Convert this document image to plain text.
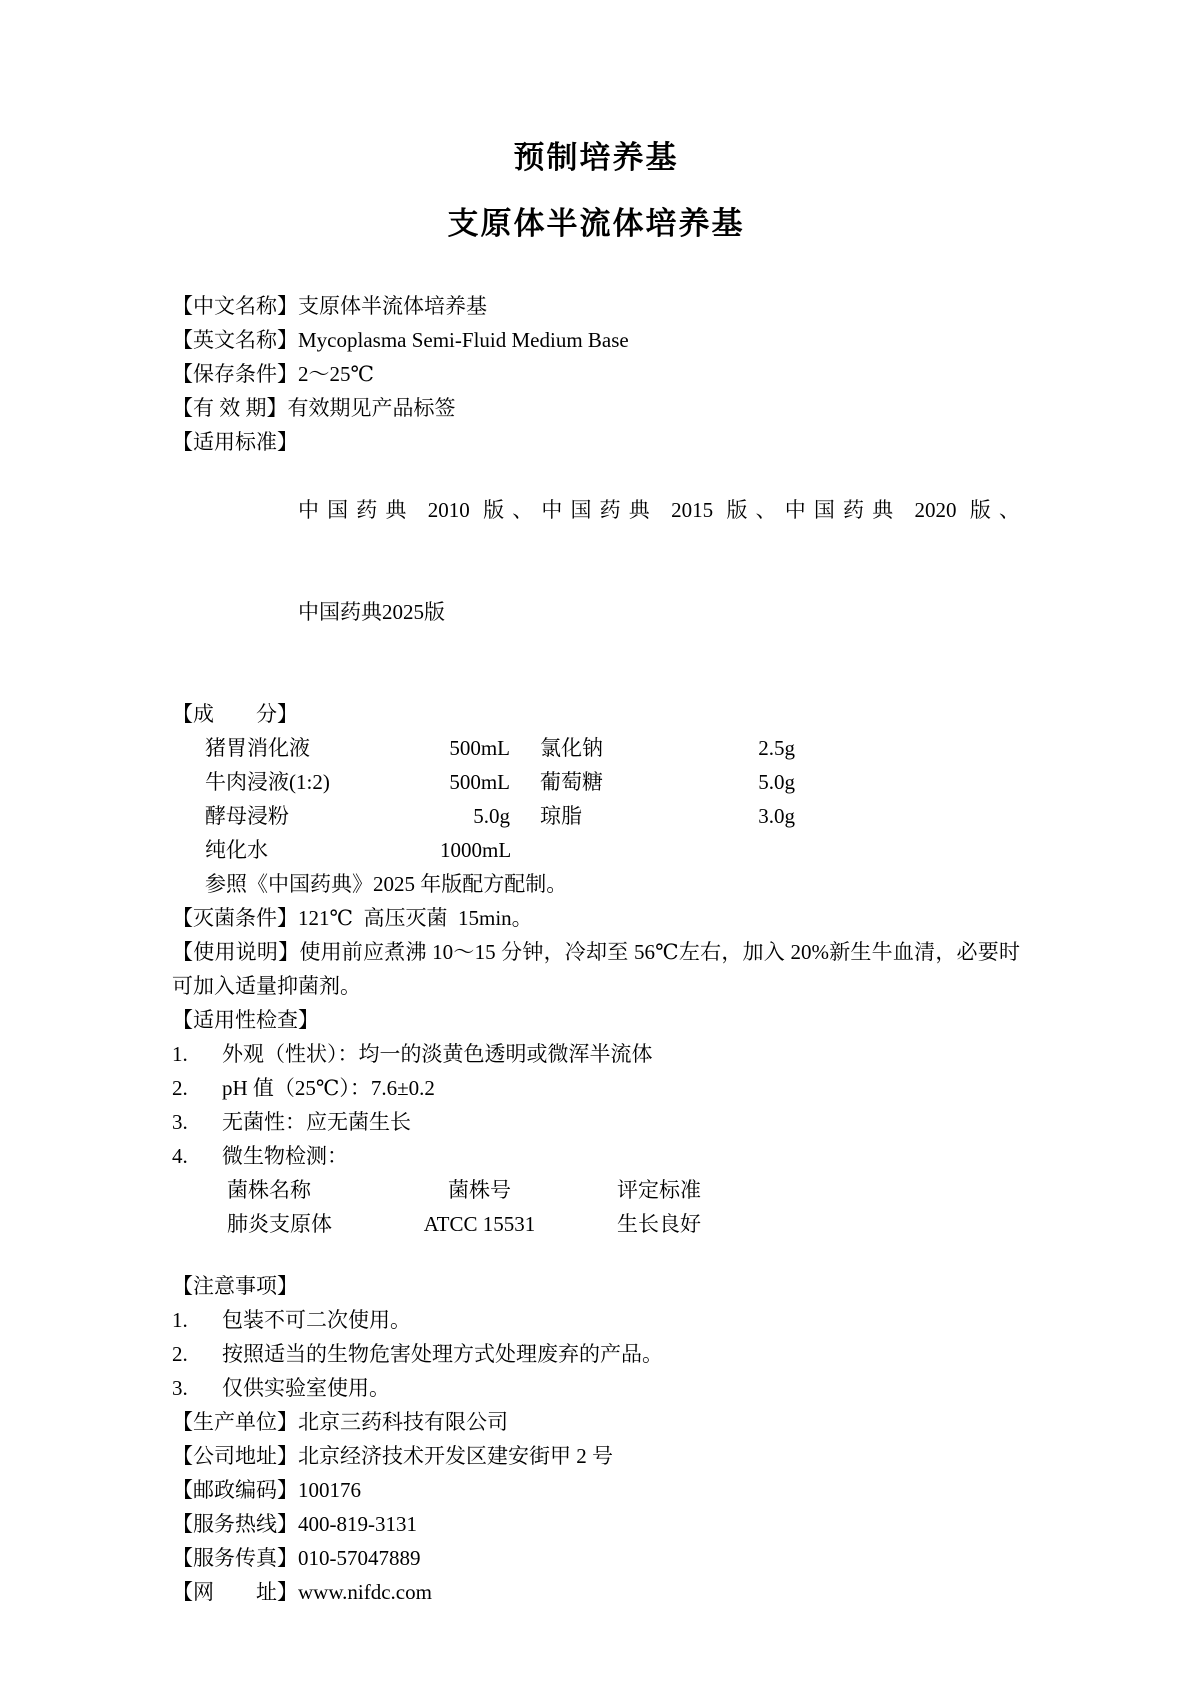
预制培养基
支原体半流体培养基
【中文名称】支原体半流体培养基
【英文名称】Mycoplasma Semi-Fluid Medium Base
【保存条件】2～25℃
【有 效 期】有效期见产品标签
【适用标准】

中国药典 2010 版、中国药典 2015 版、中国药典 2020 版、

中国药典2025版

【成　　分】
猪胃消化液	500mL	氯化钠	2.5g
牛肉浸液(1:2)	500mL	葡萄糖	5.0g
酵母浸粉	5.0g	琼脂	3.0g
纯化水	1000mL
参照《中国药典》2025 年版配方配制。
【灭菌条件】121℃  高压灭菌  15min。
【使用说明】使用前应煮沸 10～15 分钟，冷却至 56℃左右，加入 20%新生牛血清，必要时
可加入适量抑菌剂。
【适用性检查】
1.	外观（性状）：均一的淡黄色透明或微浑半流体
2.	pH 值（25℃）：7.6±0.2
3.	无菌性：应无菌生长
4.	微生物检测：
菌株名称	菌株号	评定标准
肺炎支原体	ATCC 15531	生长良好
【注意事项】
1.	包装不可二次使用。
2.	按照适当的生物危害处理方式处理废弃的产品。
3.	仅供实验室使用。
【生产单位】北京三药科技有限公司
【公司地址】北京经济技术开发区建安街甲 2 号
【邮政编码】100176
【服务热线】400-819-3131
【服务传真】010-57047889
【网　　址】www.nifdc.com
